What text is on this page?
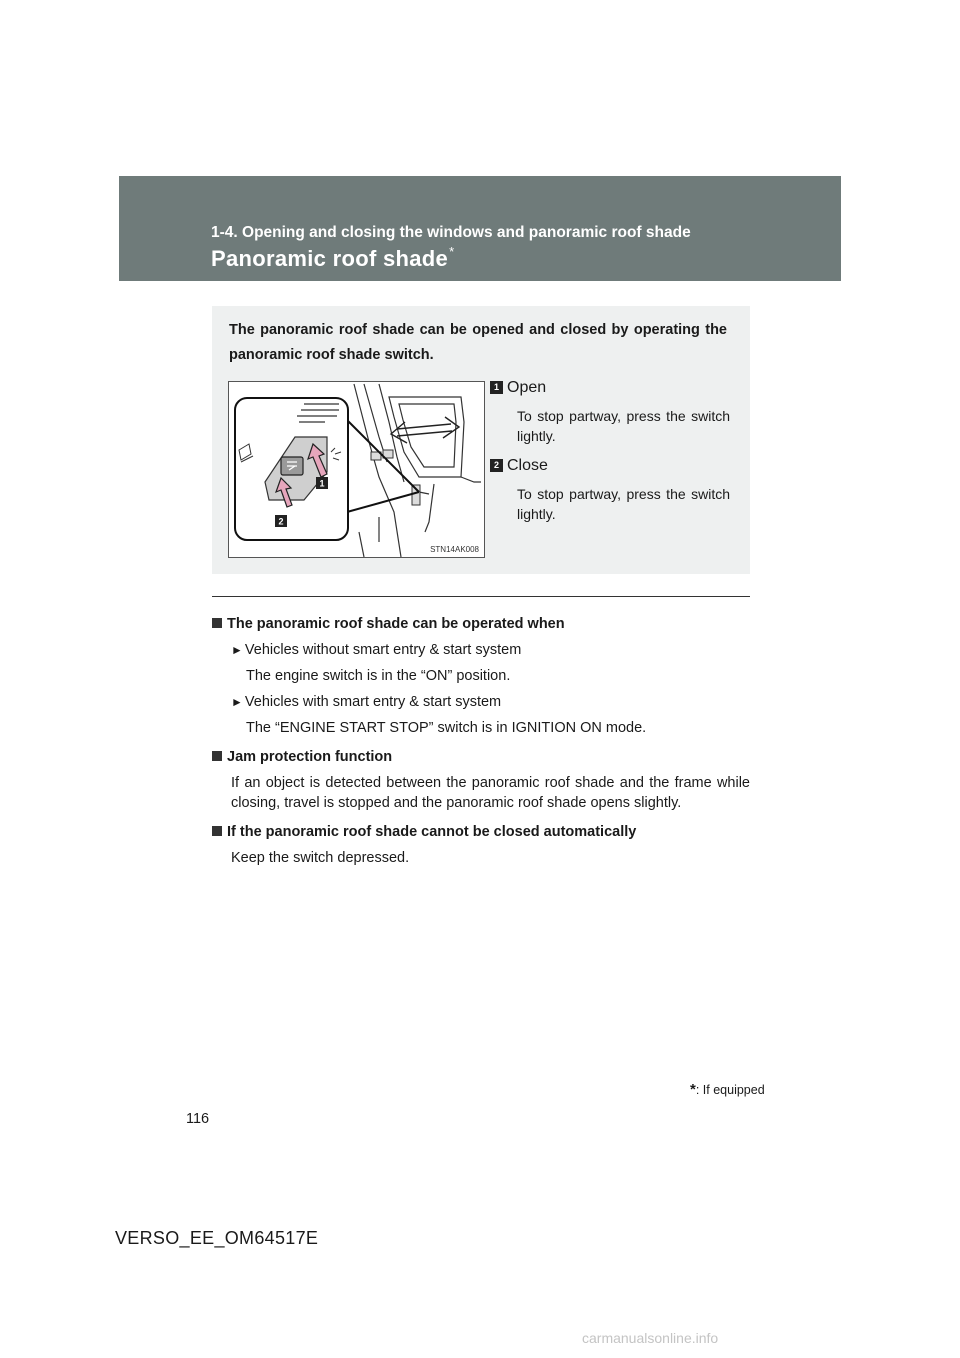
1-4. Opening and closing the windows and panoramic roof shade
Panoramic roof shade*
The panoramic roof shade can be opened and closed by operating the panoramic roof shade switch.
1
2
STN14AK008
1 Open
To stop partway, press the switch lightly.
2 Close
To stop partway, press the switch lightly.
The panoramic roof shade can be operated when
► Vehicles without smart entry & start system
The engine switch is in the “ON” position.
► Vehicles with smart entry & start system
The “ENGINE START STOP” switch is in IGNITION ON mode.
Jam protection function
If an object is detected between the panoramic roof shade and the frame while closing, travel is stopped and the panoramic roof shade opens slightly.
If the panoramic roof shade cannot be closed automatically
Keep the switch depressed.
*: If equipped
116
VERSO_EE_OM64517E
carmanualsonline.info
